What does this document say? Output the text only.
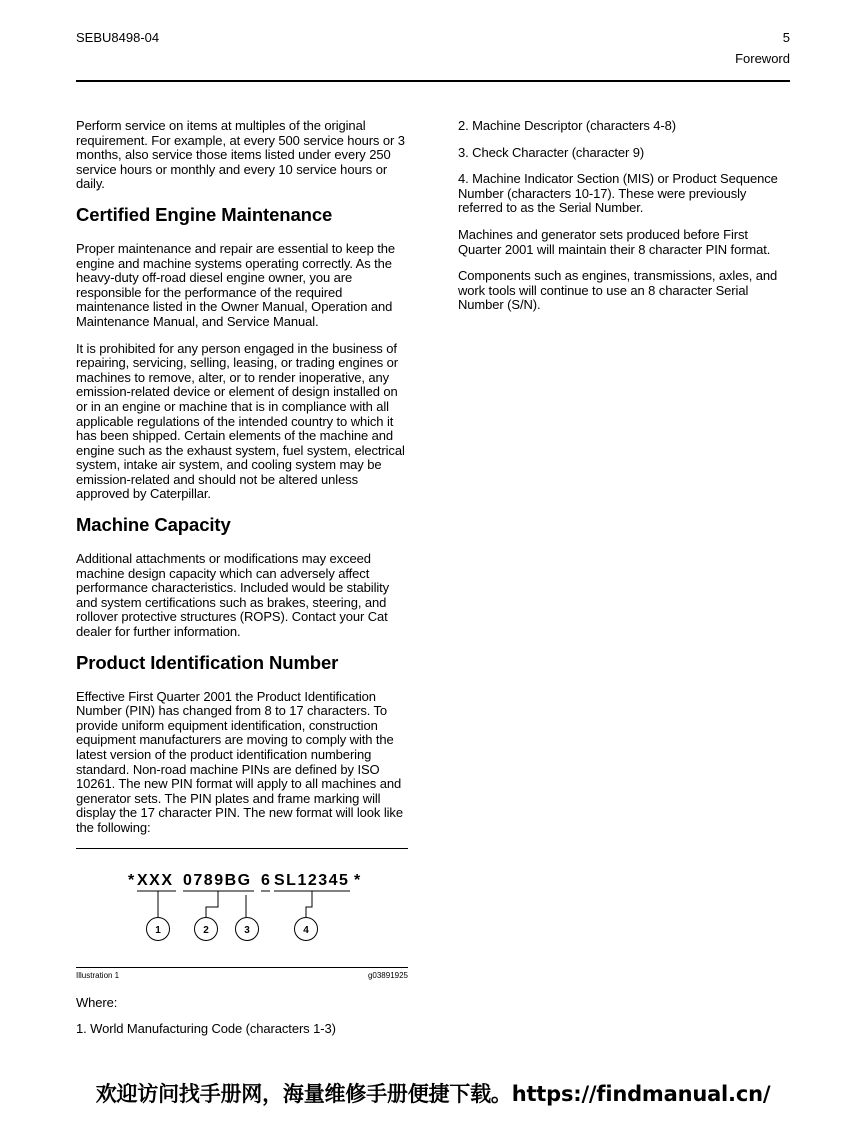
SEBU8498-04	5
Foreword

Perform service on items at multiples of the original requirement. For example, at every 500 service hours or 3 months, also service those items listed under every 250 service hours or monthly and every 10 service hours or daily.

Certified Engine Maintenance

Proper maintenance and repair are essential to keep the engine and machine systems operating correctly. As the heavy-duty off-road diesel engine owner, you are responsible for the performance of the required maintenance listed in the Owner Manual, Operation and Maintenance Manual, and Service Manual.

It is prohibited for any person engaged in the business of repairing, servicing, selling, leasing, or trading engines or machines to remove, alter, or to render inoperative, any emission-related device or element of design installed on or in an engine or machine that is in compliance with all applicable regulations of the intended country to which it has been shipped. Certain elements of the machine and engine such as the exhaust system, fuel system, electrical system, intake air system, and cooling system may be emission-related and should not be altered unless approved by Caterpillar.

Machine Capacity

Additional attachments or modifications may exceed machine design capacity which can adversely affect performance characteristics. Included would be stability and system certifications such as brakes, steering, and rollover protective structures (ROPS). Contact your Cat dealer for further information.

Product Identification Number

Effective First Quarter 2001 the Product Identification Number (PIN) has changed from 8 to 17 characters. To provide uniform equipment identification, construction equipment manufacturers are moving to comply with the latest version of the product identification numbering standard. Non-road machine PINs are defined by ISO 10261. The new PIN format will apply to all machines and generator sets. The PIN plates and frame marking will display the 17 character PIN. The new format will look like the following:

* XXX 0789BG 6 SL12345 *
1	2	3	4
Illustration 1	g03891925

Where:

1. World Manufacturing Code (characters 1-3)

2. Machine Descriptor (characters 4-8)

3. Check Character (character 9)

4. Machine Indicator Section (MIS) or Product Sequence Number (characters 10-17). These were previously referred to as the Serial Number.

Machines and generator sets produced before First Quarter 2001 will maintain their 8 character PIN format.

Components such as engines, transmissions, axles, and work tools will continue to use an 8 character Serial Number (S/N).

欢迎访问找手册网，海量维修手册便捷下载。https://findmanual.cn/
